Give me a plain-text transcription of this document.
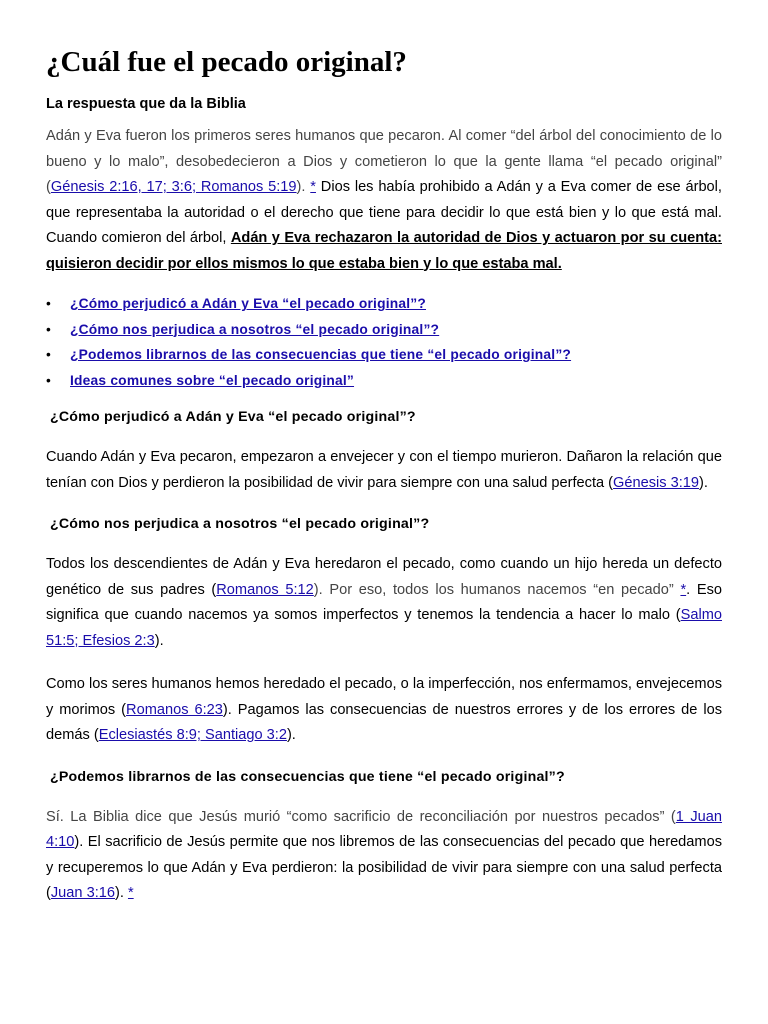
¿Cuál fue el pecado original?
La respuesta que da la Biblia

Adán y Eva fueron los primeros seres humanos que pecaron. Al comer “del árbol del conocimiento de lo bueno y lo malo”, desobedecieron a Dios y cometieron lo que la gente llama “el pecado original” (Génesis 2:16, 17; 3:6; Romanos 5:19). * Dios les había prohibido a Adán y a Eva comer de ese árbol, que representaba la autoridad o el derecho que tiene para decidir lo que está bien y lo que está mal. Cuando comieron del árbol, Adán y Eva rechazaron la autoridad de Dios y actuaron por su cuenta: quisieron decidir por ellos mismos lo que estaba bien y lo que estaba mal.

•	¿Cómo perjudicó a Adán y Eva “el pecado original”?
•	¿Cómo nos perjudica a nosotros “el pecado original”?
•	¿Podemos librarnos de las consecuencias que tiene “el pecado original”?
•	Ideas comunes sobre “el pecado original”
¿Cómo perjudicó a Adán y Eva “el pecado original”?

Cuando Adán y Eva pecaron, empezaron a envejecer y con el tiempo murieron. Dañaron la relación que tenían con Dios y perdieron la posibilidad de vivir para siempre con una salud perfecta (Génesis 3:19).

¿Cómo nos perjudica a nosotros “el pecado original”?

Todos los descendientes de Adán y Eva heredaron el pecado, como cuando un hijo hereda un defecto genético de sus padres (Romanos 5:12). Por eso, todos los humanos nacemos “en pecado” *. Eso significa que cuando nacemos ya somos imperfectos y tenemos la tendencia a hacer lo malo (Salmo 51:5; Efesios 2:3).

Como los seres humanos hemos heredado el pecado, o la imperfección, nos enfermamos, envejecemos y morimos (Romanos 6:23). Pagamos las consecuencias de nuestros errores y de los errores de los demás (Eclesiastés 8:9; Santiago 3:2).

¿Podemos librarnos de las consecuencias que tiene “el pecado original”?

Sí. La Biblia dice que Jesús murió “como sacrificio de reconciliación por nuestros pecados” (1 Juan 4:10). El sacrificio de Jesús permite que nos libremos de las consecuencias del pecado que heredamos y recuperemos lo que Adán y Eva perdieron: la posibilidad de vivir para siempre con una salud perfecta (Juan 3:16). *
